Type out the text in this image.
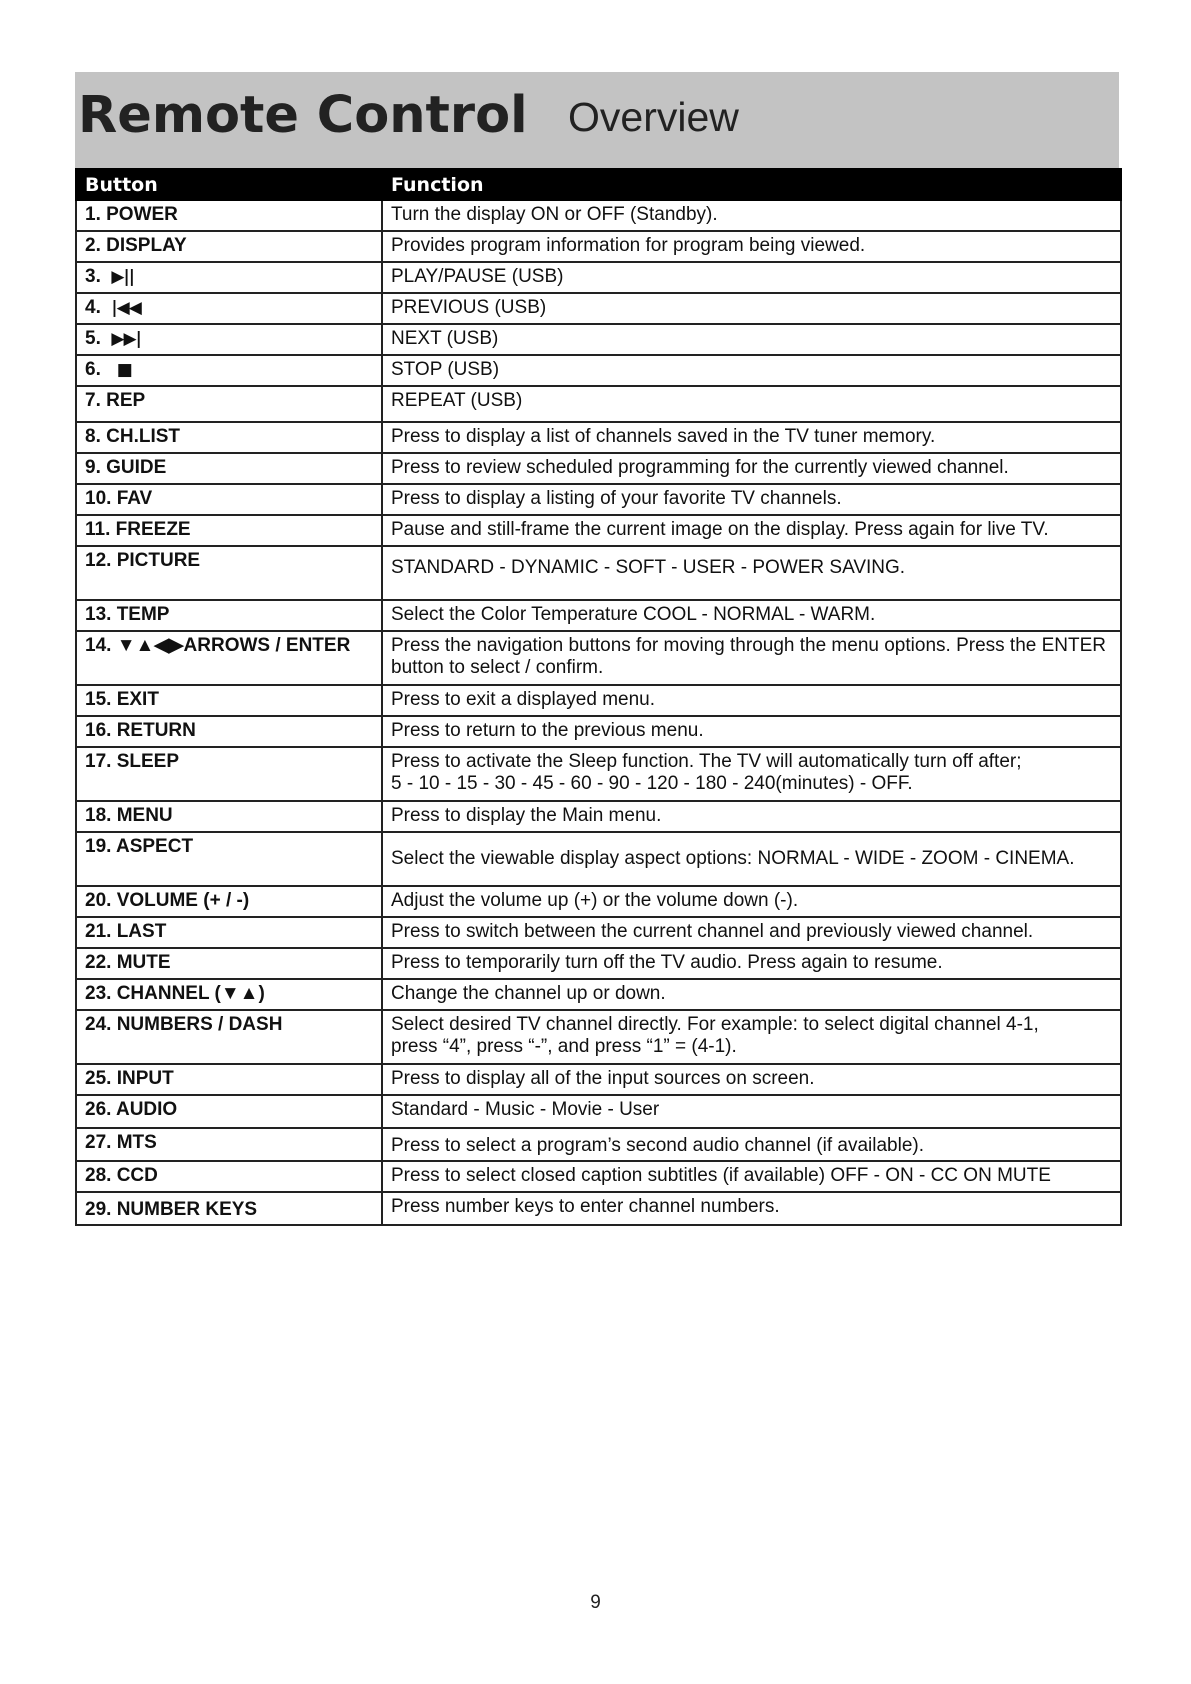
Remote Control Overview
Button	Function
1. POWER	Turn the display ON or OFF (Standby).
2. DISPLAY	Provides program information for program being viewed.
3. ▶||	PLAY/PAUSE (USB)
4. |◀◀	PREVIOUS (USB)
5. ▶▶|	NEXT (USB)
6. ■	STOP (USB)
7. REP	REPEAT (USB)
8. CH.LIST	Press to display a list of channels saved in the TV tuner memory.
9. GUIDE	Press to review scheduled programming for the currently viewed channel.
10. FAV	Press to display a listing of your favorite TV channels.
11. FREEZE	Pause and still-frame the current image on the display. Press again for live TV.
12. PICTURE	STANDARD - DYNAMIC - SOFT - USER - POWER SAVING.
13. TEMP	Select the Color Temperature COOL - NORMAL - WARM.
14. ▼▲◀▶ARROWS / ENTER	Press the navigation buttons for moving through the menu options. Press the ENTER button to select / confirm.
15. EXIT	Press to exit a displayed menu.
16. RETURN	Press to return to the previous menu.
17. SLEEP	Press to activate the Sleep function. The TV will automatically turn off after;
5 - 10 - 15 - 30 - 45 - 60 - 90 - 120 - 180 - 240(minutes) - OFF.

18. MENU	Press to display the Main menu.
19. ASPECT	Select the viewable display aspect options: NORMAL - WIDE - ZOOM - CINEMA.
20. VOLUME (+ / -)	Adjust the volume up (+) or the volume down (-).
21. LAST	Press to switch between the current channel and previously viewed channel.
22. MUTE	Press to temporarily turn off the TV audio. Press again to resume.
23. CHANNEL (▼▲)	Change the channel up or down.
24. NUMBERS / DASH	Select desired TV channel directly. For example: to select digital channel 4-1,
press “4”, press “-”, and press “1” = (4-1).

25. INPUT	Press to display all of the input sources on screen.
26. AUDIO	Standard - Music - Movie - User
27. MTS	Press to select a program’s second audio channel (if available).
28. CCD	Press to select closed caption subtitles (if available) OFF - ON - CC ON MUTE
29. NUMBER KEYS	Press number keys to enter channel numbers.
9
